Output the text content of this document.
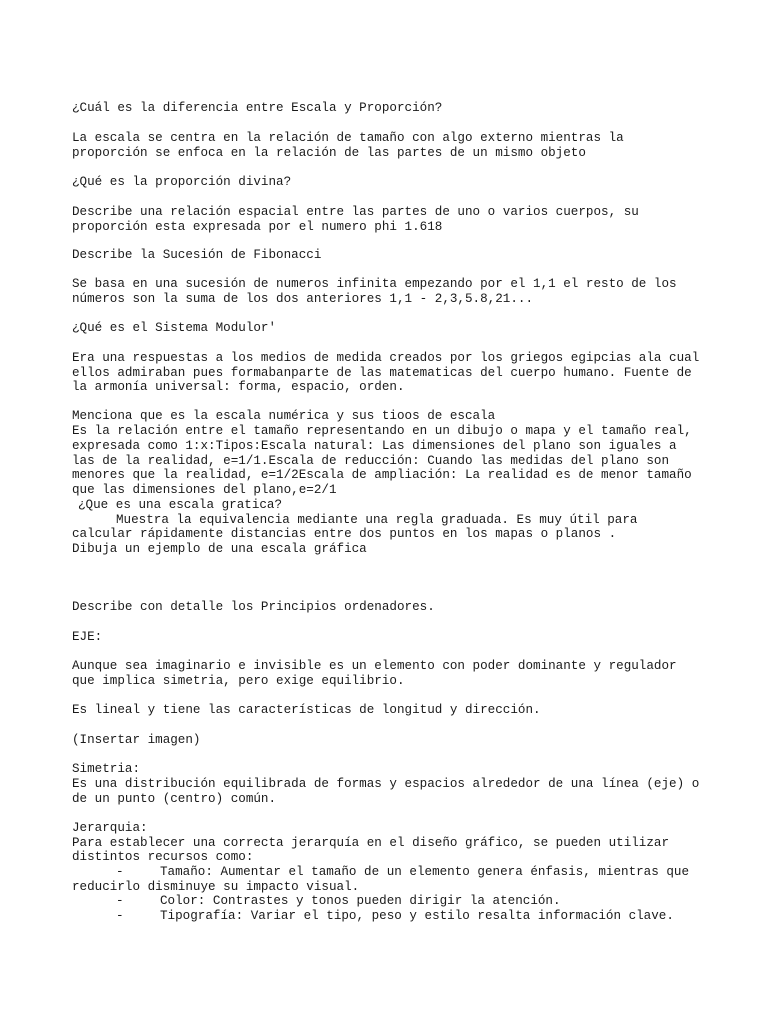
¿Cuál es la diferencia entre Escala y Proporción?
La escala se centra en la relación de tamaño con algo externo mientras la
proporción se enfoca en la relación de las partes de un mismo objeto
¿Qué es la proporción divina?
Describe una relación espacial entre las partes de uno o varios cuerpos, su
proporción esta expresada por el numero phi 1.618
Describe la Sucesión de Fibonacci
Se basa en una sucesión de numeros infinita empezando por el 1,1 el resto de los
números son la suma de los dos anteriores 1,1 - 2,3,5.8,21...
¿Qué es el Sistema Modulor'
Era una respuestas a los medios de medida creados por los griegos egipcias ala cual
ellos admiraban pues formabanparte de las matematicas del cuerpo humano. Fuente de
la armonía universal: forma, espacio, orden.
Menciona que es la escala numérica y sus tioos de escala
Es la relación entre el tamaño representando en un dibujo o mapa y el tamaño real,
expresada como 1:x:Tipos:Escala natural: Las dimensiones del plano son iguales a
las de la realidad, e=1/1.Escala de reducción: Cuando las medidas del plano son
menores que la realidad, e=1/2Escala de ampliación: La realidad es de menor tamaño
que las dimensiones del plano,e=2/1
¿Que es una escala gratica?
Muestra la equivalencia mediante una regla graduada. Es muy útil para
calcular rápidamente distancias entre dos puntos en los mapas o planos .
Dibuja un ejemplo de una escala gráfica
Describe con detalle los Principios ordenadores.
EJE:
Aunque sea imaginario e invisible es un elemento con poder dominante y regulador
que implica simetria, pero exige equilibrio.
Es lineal y tiene las características de longitud y dirección.
(Insertar imagen)
Simetria:
Es una distribución equilibrada de formas y espacios alrededor de una línea (eje) o
de un punto (centro) común.
Jerarquia:
Para establecer una correcta jerarquía en el diseño gráfico, se pueden utilizar
distintos recursos como:
-	Tamaño: Aumentar el tamaño de un elemento genera énfasis, mientras que
reducirlo disminuye su impacto visual.
-	Color: Contrastes y tonos pueden dirigir la atención.
-	Tipografía: Variar el tipo, peso y estilo resalta información clave.
